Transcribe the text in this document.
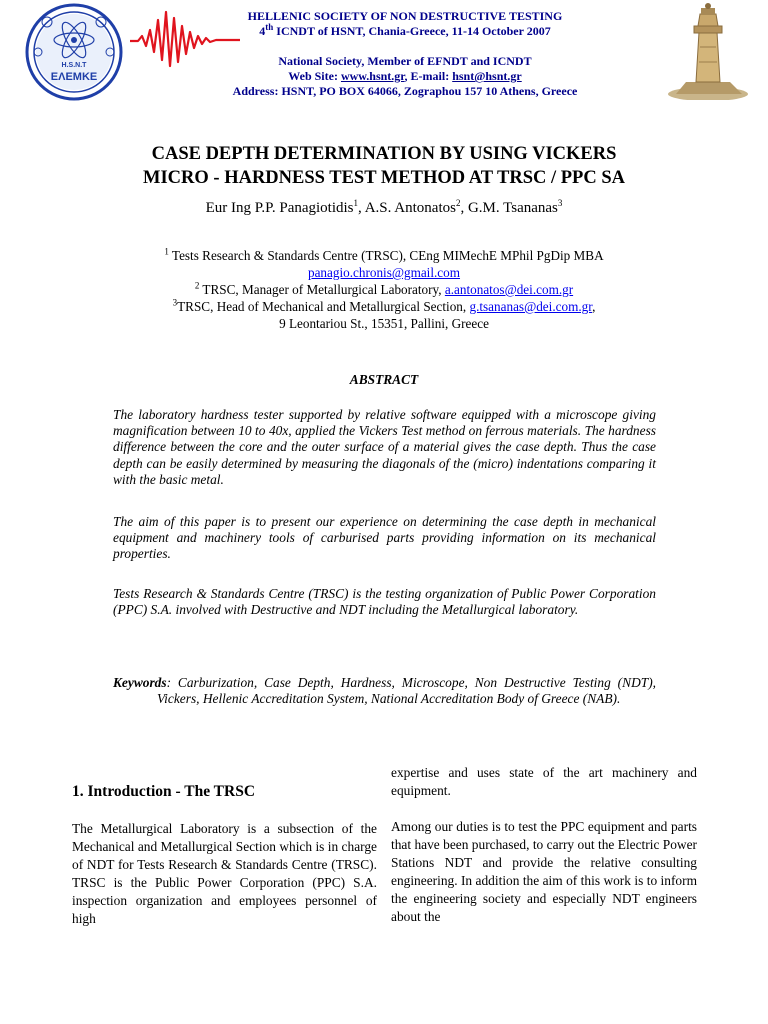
H.S.N.T
ΕΛΕΜΚΕ
HELLENIC SOCIETY OF NON DESTRUCTIVE TESTING
4th ICNDT of HSNT, Chania-Greece, 11-14 October 2007
National Society, Member of EFNDT and ICNDT
Web Site: www.hsnt.gr, E-mail: hsnt@hsnt.gr
Address: HSNT, PO BOX 64066, Zographou 157 10 Athens, Greece
CASE DEPTH DETERMINATION BY USING VICKERS
MICRO - HARDNESS TEST METHOD AT TRSC / PPC SA
Eur Ing P.P. Panagiotidis$^1$, A.S. Antonatos$^2$, G.M. Tsananas$^3$
$^1$ Tests Research & Standards Centre (TRSC), CEng MIMechE MPhil PgDip MBA
panagio.chronis@gmail.com
$^2$ TRSC, Manager of Metallurgical Laboratory, a.antonatos@dei.com.gr
$^3$TRSC, Head of Mechanical and Metallurgical Section, g.tsananas@dei.com.gr,
9 Leontariou St., 15351, Pallini, Greece
ABSTRACT
The laboratory hardness tester supported by relative software equipped with a microscope giving magnification between 10 to 40x, applied the Vickers Test method on ferrous materials. The hardness difference between the core and the outer surface of a material gives the case depth. Thus the case depth can be easily determined by measuring the diagonals of the (micro) indentations comparing it with the basic metal.
The aim of this paper is to present our experience on determining the case depth in mechanical equipment and machinery tools of carburised parts providing information on its mechanical properties.
Tests Research & Standards Centre (TRSC) is the testing organization of Public Power Corporation (PPC) S.A. involved with Destructive and NDT including the Metallurgical laboratory.
Keywords: Carburization, Case Depth, Hardness, Microscope, Non Destructive Testing (NDT), Vickers, Hellenic Accreditation System, National Accreditation Body of Greece (NAB).
1. Introduction - The TRSC
The Metallurgical Laboratory is a subsection of the Mechanical and Metallurgical Section which is in charge of NDT for Tests Research & Standards Centre (TRSC). TRSC is the Public Power Corporation (PPC) S.A. inspection organization and employees personnel of high
expertise and uses state of the art machinery and equipment.
Among our duties is to test the PPC equipment and parts that have been purchased, to carry out the Electric Power Stations NDT and provide the relative consulting engineering. In addition the aim of this work is to inform the engineering society and especially NDT engineers about the
